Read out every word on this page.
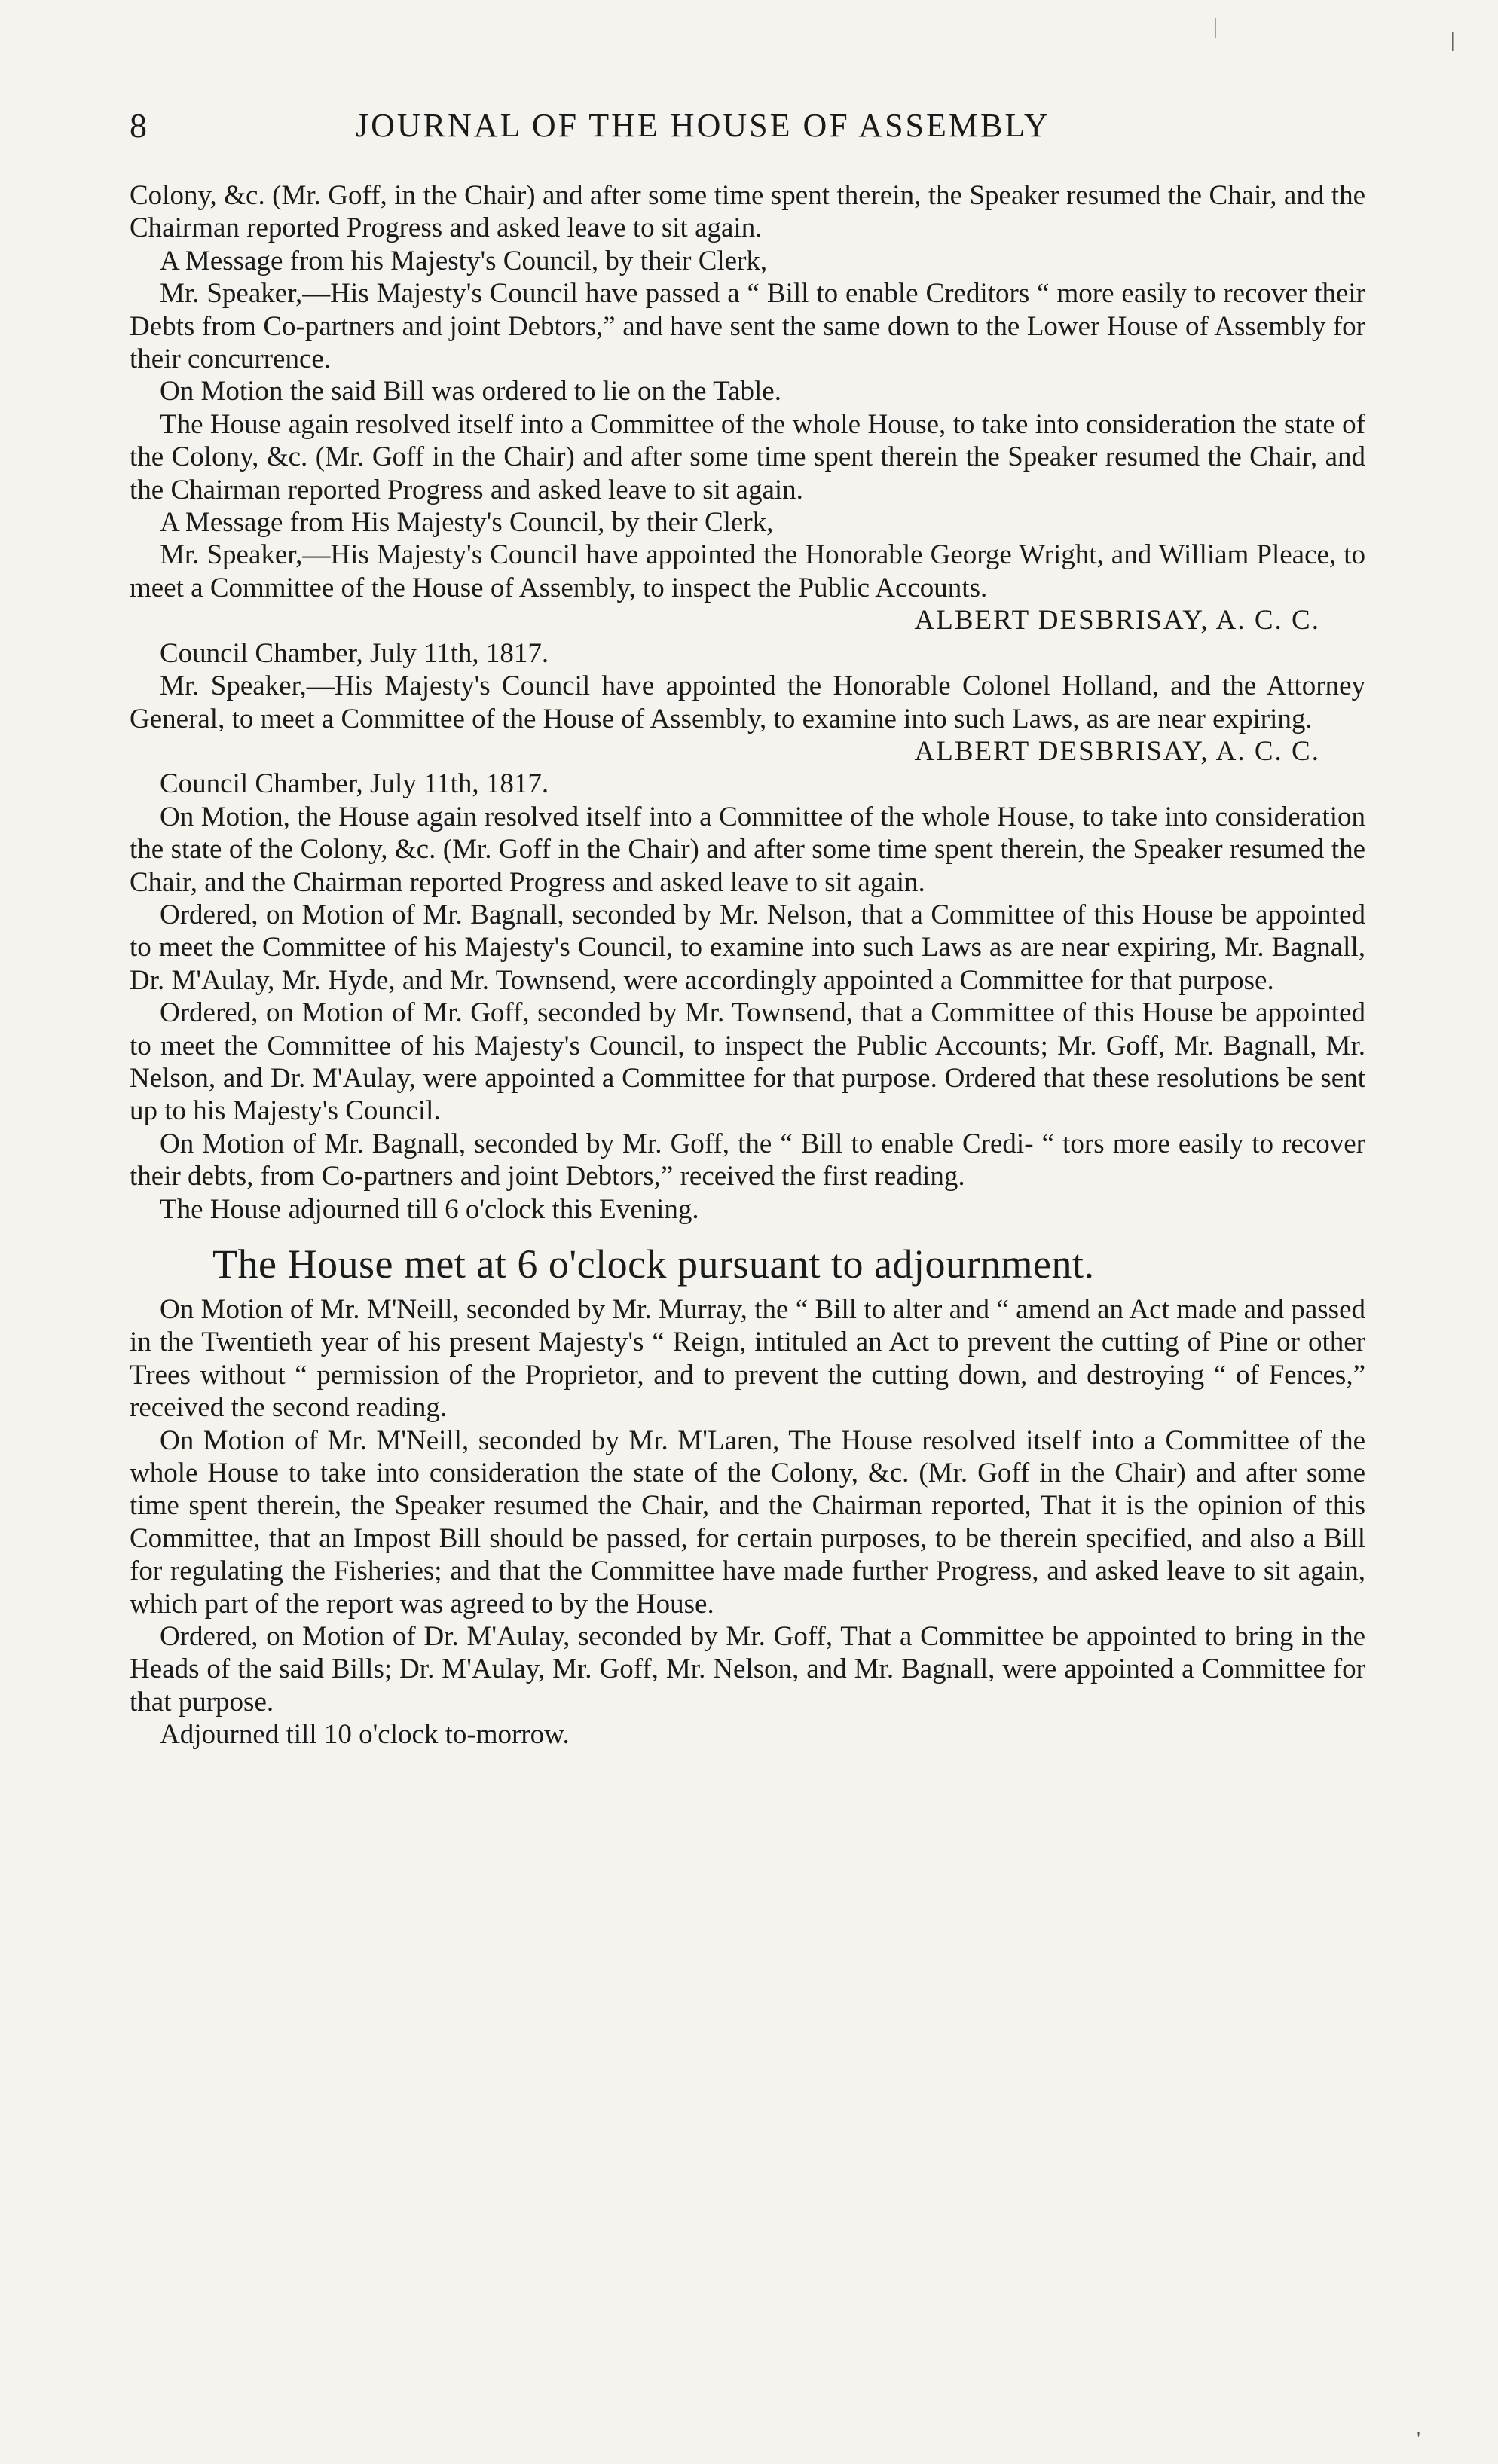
8	JOURNAL OF THE HOUSE OF ASSEMBLY

Colony, &c. (Mr. Goff, in the Chair) and after some time spent therein, the Speaker resumed the Chair, and the Chairman reported Progress and asked leave to sit again.

A Message from his Majesty's Council, by their Clerk,

Mr. Speaker,—His Majesty's Council have passed a “ Bill to enable Creditors “ more easily to recover their Debts from Co-partners and joint Debtors,” and have sent the same down to the Lower House of Assembly for their concurrence.

On Motion the said Bill was ordered to lie on the Table.

The House again resolved itself into a Committee of the whole House, to take into consideration the state of the Colony, &c. (Mr. Goff in the Chair) and after some time spent therein the Speaker resumed the Chair, and the Chairman reported Progress and asked leave to sit again.

A Message from His Majesty's Council, by their Clerk,

Mr. Speaker,—His Majesty's Council have appointed the Honorable George Wright, and William Pleace, to meet a Committee of the House of Assembly, to inspect the Public Accounts.

ALBERT DESBRISAY, A. C. C.

Council Chamber, July 11th, 1817.

Mr. Speaker,—His Majesty's Council have appointed the Honorable Colonel Holland, and the Attorney General, to meet a Committee of the House of Assembly, to examine into such Laws, as are near expiring.

ALBERT DESBRISAY, A. C. C.

Council Chamber, July 11th, 1817.

On Motion, the House again resolved itself into a Committee of the whole House, to take into consideration the state of the Colony, &c. (Mr. Goff in the Chair) and after some time spent therein, the Speaker resumed the Chair, and the Chairman reported Progress and asked leave to sit again.

Ordered, on Motion of Mr. Bagnall, seconded by Mr. Nelson, that a Committee of this House be appointed to meet the Committee of his Majesty's Council, to examine into such Laws as are near expiring, Mr. Bagnall, Dr. M'Aulay, Mr. Hyde, and Mr. Townsend, were accordingly appointed a Committee for that purpose.

Ordered, on Motion of Mr. Goff, seconded by Mr. Townsend, that a Committee of this House be appointed to meet the Committee of his Majesty's Council, to inspect the Public Accounts; Mr. Goff, Mr. Bagnall, Mr. Nelson, and Dr. M'Aulay, were appointed a Committee for that purpose. Ordered that these resolutions be sent up to his Majesty's Council.

On Motion of Mr. Bagnall, seconded by Mr. Goff, the “ Bill to enable Credi- “ tors more easily to recover their debts, from Co-partners and joint Debtors,” received the first reading.

The House adjourned till 6 o'clock this Evening.

The House met at 6 o'clock pursuant to adjournment.

On Motion of Mr. M'Neill, seconded by Mr. Murray, the “ Bill to alter and “ amend an Act made and passed in the Twentieth year of his present Majesty's “ Reign, intituled an Act to prevent the cutting of Pine or other Trees without “ permission of the Proprietor, and to prevent the cutting down, and destroying “ of Fences,” received the second reading.

On Motion of Mr. M'Neill, seconded by Mr. M'Laren, The House resolved itself into a Committee of the whole House to take into consideration the state of the Colony, &c. (Mr. Goff in the Chair) and after some time spent therein, the Speaker resumed the Chair, and the Chairman reported, That it is the opinion of this Committee, that an Impost Bill should be passed, for certain purposes, to be therein specified, and also a Bill for regulating the Fisheries; and that the Committee have made further Progress, and asked leave to sit again, which part of the report was agreed to by the House.

Ordered, on Motion of Dr. M'Aulay, seconded by Mr. Goff, That a Committee be appointed to bring in the Heads of the said Bills; Dr. M'Aulay, Mr. Goff, Mr. Nelson, and Mr. Bagnall, were appointed a Committee for that purpose.

Adjourned till 10 o'clock to-morrow.

|
|
'
